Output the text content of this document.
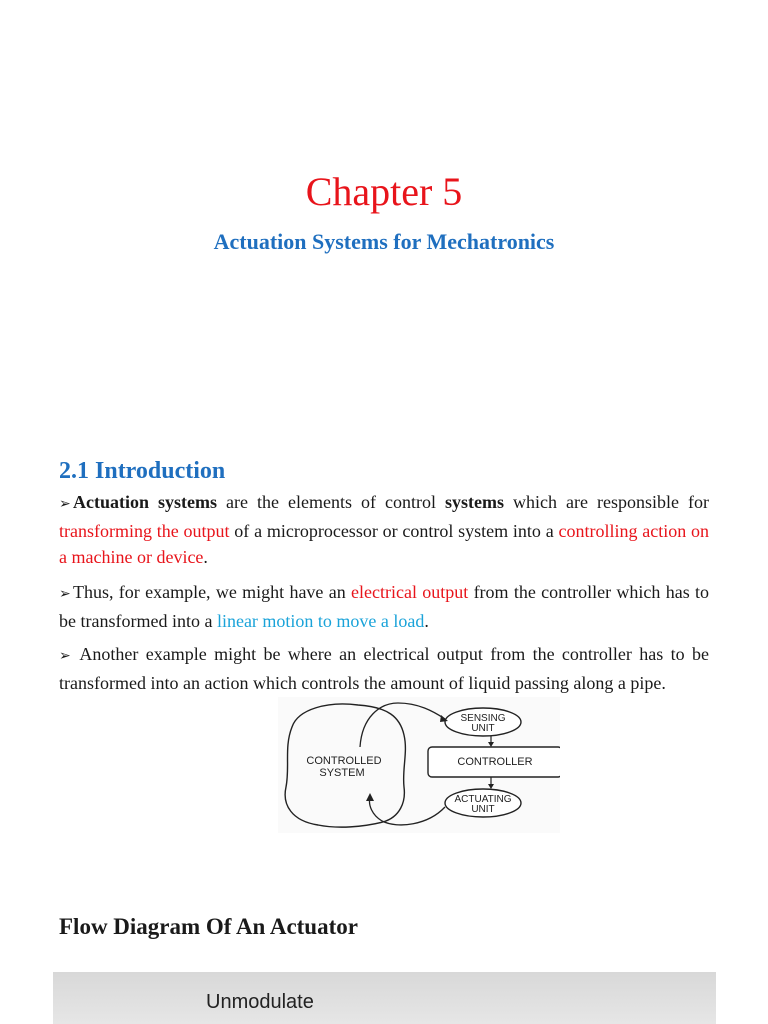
Chapter 5
Actuation Systems for Mechatronics
2.1 Introduction

➢ Actuation systems are the elements of control systems which are responsible for transforming the output of a microprocessor or control system into a controlling action on a machine or device.

➢ Thus, for example, we might have an electrical output from the controller which has to be transformed into a linear motion to move a load.

➢ Another example might be where an electrical output from the controller has to be transformed into an action which controls the amount of liquid passing along a pipe.

CONTROLLED
SYSTEM
SENSING
UNIT
CONTROLLER
ACTUATING
UNIT
Flow Diagram Of An Actuator
Unmodulate
